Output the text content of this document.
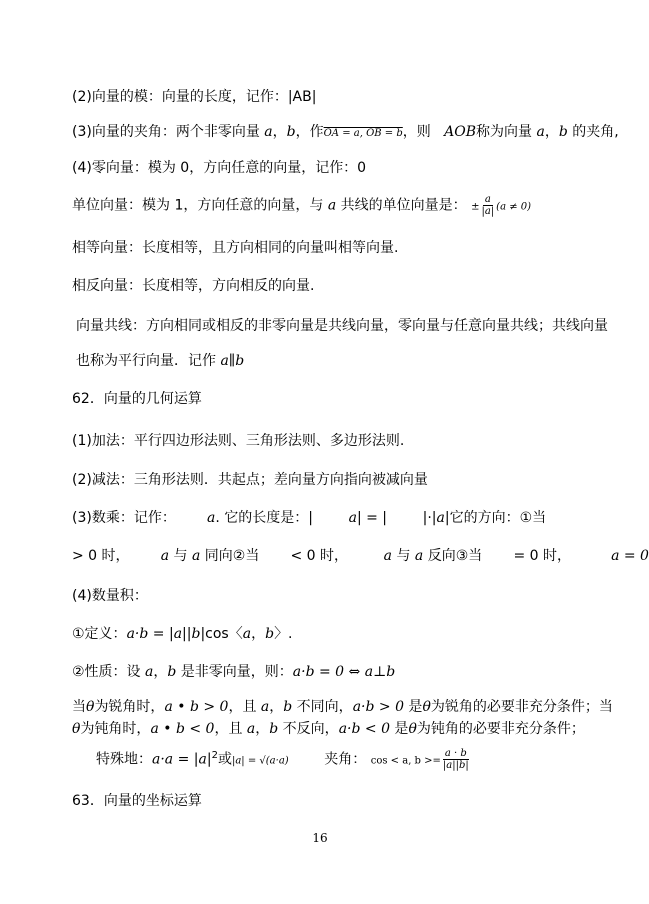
(2)向量的模：向量的长度，记作：|AB|
(3)向量的夹角：两个非零向量 a，b，作OA = a, OB = b，则 AOB称为向量 a，b 的夹角,
(4)零向量：模为 0，方向任意的向量，记作：0
单位向量：模为 1，方向任意的向量，与 a 共线的单位向量是： ± $\frac{a}{|a|} (a \ne 0)$
相等向量：长度相等，且方向相同的向量叫相等向量.
相反向量：长度相等，方向相反的向量.
向量共线：方向相同或相反的非零向量是共线向量，零向量与任意向量共线；共线向量
也称为平行向量．记作 a∥b
62．向量的几何运算
(1)加法：平行四边形法则、三角形法则、多边形法则.
(2)减法：三角形法则．共起点；差向量方向指向被减向量
(3)数乘：记作： a. 它的长度是：|	a| = |	|·|a|它的方向：①当
> 0 时， a 与 a 同向②当 < 0 时，	a 与 a 反向③当 = 0 时，	a = 0
(4)数量积：
①定义：a·b = |a||b|cos〈a，b〉.
②性质：设 a，b 是非零向量，则：a·b = 0 ⇔ a⊥b
当θ为锐角时，a • b > 0，且 a，b 不同向，a·b > 0 是θ为锐角的必要非充分条件；当
θ为钝角时，a • b < 0，且 a，b 不反向，a·b < 0 是θ为钝角的必要非充分条件；
特殊地：$a\cdot a = |a|^2$或|a| = √(a·a)	夹角： cos < a, $b >= \frac{a \cdot b}{|a||b|}$
63．向量的坐标运算
16
